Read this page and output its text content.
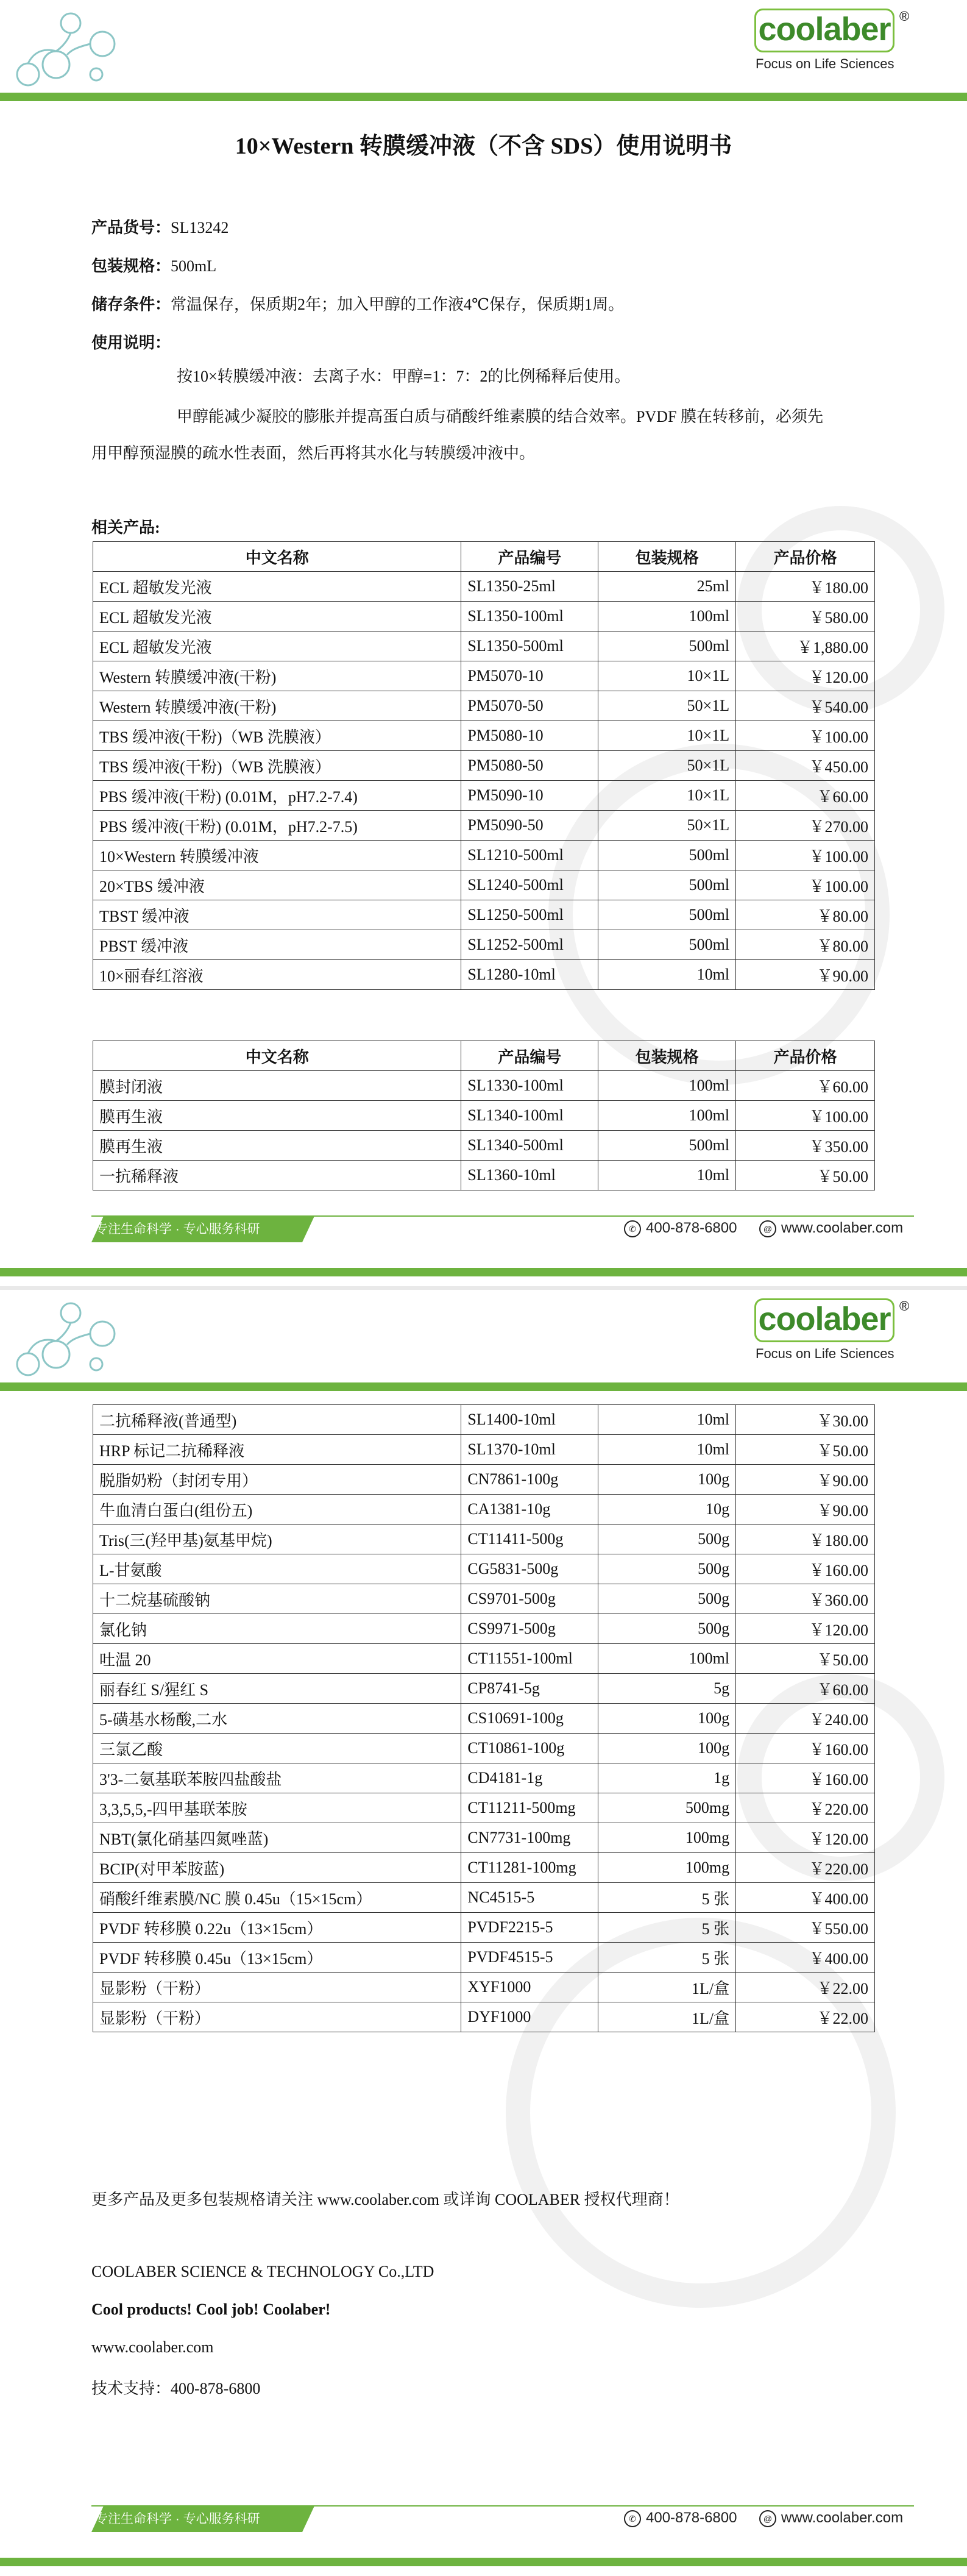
coolaber ®
Focus on Life Sciences
10×Western 转膜缓冲液（不含 SDS）使用说明书
产品货号：SL13242
包装规格：500mL
储存条件：常温保存，保质期2年；加入甲醇的工作液4℃保存，保质期1周。
使用说明：
按10×转膜缓冲液：去离子水：甲醇=1：7：2的比例稀释后使用。
甲醇能减少凝胶的膨胀并提高蛋白质与硝酸纤维素膜的结合效率。PVDF 膜在转移前，必须先
用甲醇预湿膜的疏水性表面，然后再将其水化与转膜缓冲液中。
相关产品:
中文名称	产品编号	包装规格	产品价格
ECL 超敏发光液	SL1350-25ml	25ml	￥180.00
ECL 超敏发光液	SL1350-100ml	100ml	￥580.00
ECL 超敏发光液	SL1350-500ml	500ml	￥1,880.00
Western 转膜缓冲液(干粉)	PM5070-10	10×1L	￥120.00
Western 转膜缓冲液(干粉)	PM5070-50	50×1L	￥540.00
TBS 缓冲液(干粉)（WB 洗膜液）	PM5080-10	10×1L	￥100.00
TBS 缓冲液(干粉)（WB 洗膜液）	PM5080-50	50×1L	￥450.00
PBS 缓冲液(干粉) (0.01M，pH7.2-7.4)	PM5090-10	10×1L	￥60.00
PBS 缓冲液(干粉) (0.01M，pH7.2-7.5)	PM5090-50	50×1L	￥270.00
10×Western 转膜缓冲液	SL1210-500ml	500ml	￥100.00
20×TBS 缓冲液	SL1240-500ml	500ml	￥100.00
TBST 缓冲液	SL1250-500ml	500ml	￥80.00
PBST 缓冲液	SL1252-500ml	500ml	￥80.00
10×丽春红溶液	SL1280-10ml	10ml	￥90.00
中文名称	产品编号	包装规格	产品价格
膜封闭液	SL1330-100ml	100ml	￥60.00
膜再生液	SL1340-100ml	100ml	￥100.00
膜再生液	SL1340-500ml	500ml	￥350.00
一抗稀释液	SL1360-10ml	10ml	￥50.00
专注生命科学 · 专心服务科研	✆ 400-878-6800	@ www.coolaber.com
coolaber ®
Focus on Life Sciences
二抗稀释液(普通型)	SL1400-10ml	10ml	￥30.00
HRP 标记二抗稀释液	SL1370-10ml	10ml	￥50.00
脱脂奶粉（封闭专用）	CN7861-100g	100g	￥90.00
牛血清白蛋白(组份五)	CA1381-10g	10g	￥90.00
Tris(三(羟甲基)氨基甲烷)	CT11411-500g	500g	￥180.00
L-甘氨酸	CG5831-500g	500g	￥160.00
十二烷基硫酸钠	CS9701-500g	500g	￥360.00
氯化钠	CS9971-500g	500g	￥120.00
吐温 20	CT11551-100ml	100ml	￥50.00
丽春红 S/猩红 S	CP8741-5g	5g	￥60.00
5-磺基水杨酸,二水	CS10691-100g	100g	￥240.00
三氯乙酸	CT10861-100g	100g	￥160.00
3'3-二氨基联苯胺四盐酸盐	CD4181-1g	1g	￥160.00
3,3,5,5,-四甲基联苯胺	CT11211-500mg	500mg	￥220.00
NBT(氯化硝基四氮唑蓝)	CN7731-100mg	100mg	￥120.00
BCIP(对甲苯胺蓝)	CT11281-100mg	100mg	￥220.00
硝酸纤维素膜/NC 膜 0.45u（15×15cm）	NC4515-5	5 张	￥400.00
PVDF 转移膜 0.22u（13×15cm）	PVDF2215-5	5 张	￥550.00
PVDF 转移膜 0.45u（13×15cm）	PVDF4515-5	5 张	￥400.00
显影粉（干粉）	XYF1000	1L/盒	￥22.00
显影粉（干粉）	DYF1000	1L/盒	￥22.00
更多产品及更多包装规格请关注 www.coolaber.com 或详询 COOLABER 授权代理商！
COOLABER SCIENCE & TECHNOLOGY Co.,LTD
Cool products! Cool job! Coolaber!
www.coolaber.com
技术支持：400-878-6800
专注生命科学 · 专心服务科研	✆ 400-878-6800	@ www.coolaber.com
